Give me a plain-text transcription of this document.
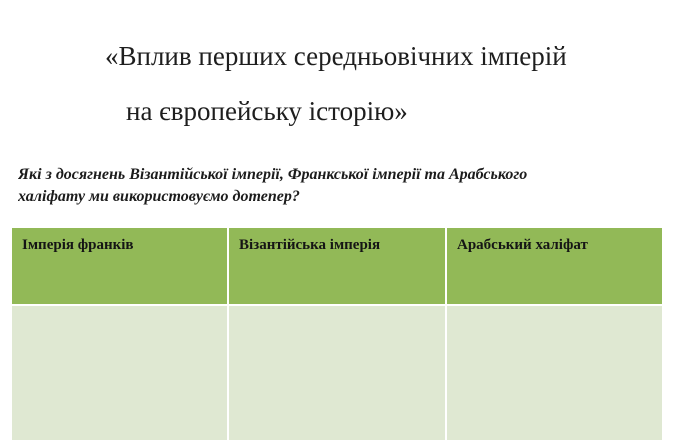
«Вплив перших середньовічних імперій
на європейську історію»
Які з досягнень Візантійської імперії, Франкської імперії та Арабського
халіфату ми використовуємо дотепер?
Імперія франків	Візантійська імперія	Арабський халіфат
